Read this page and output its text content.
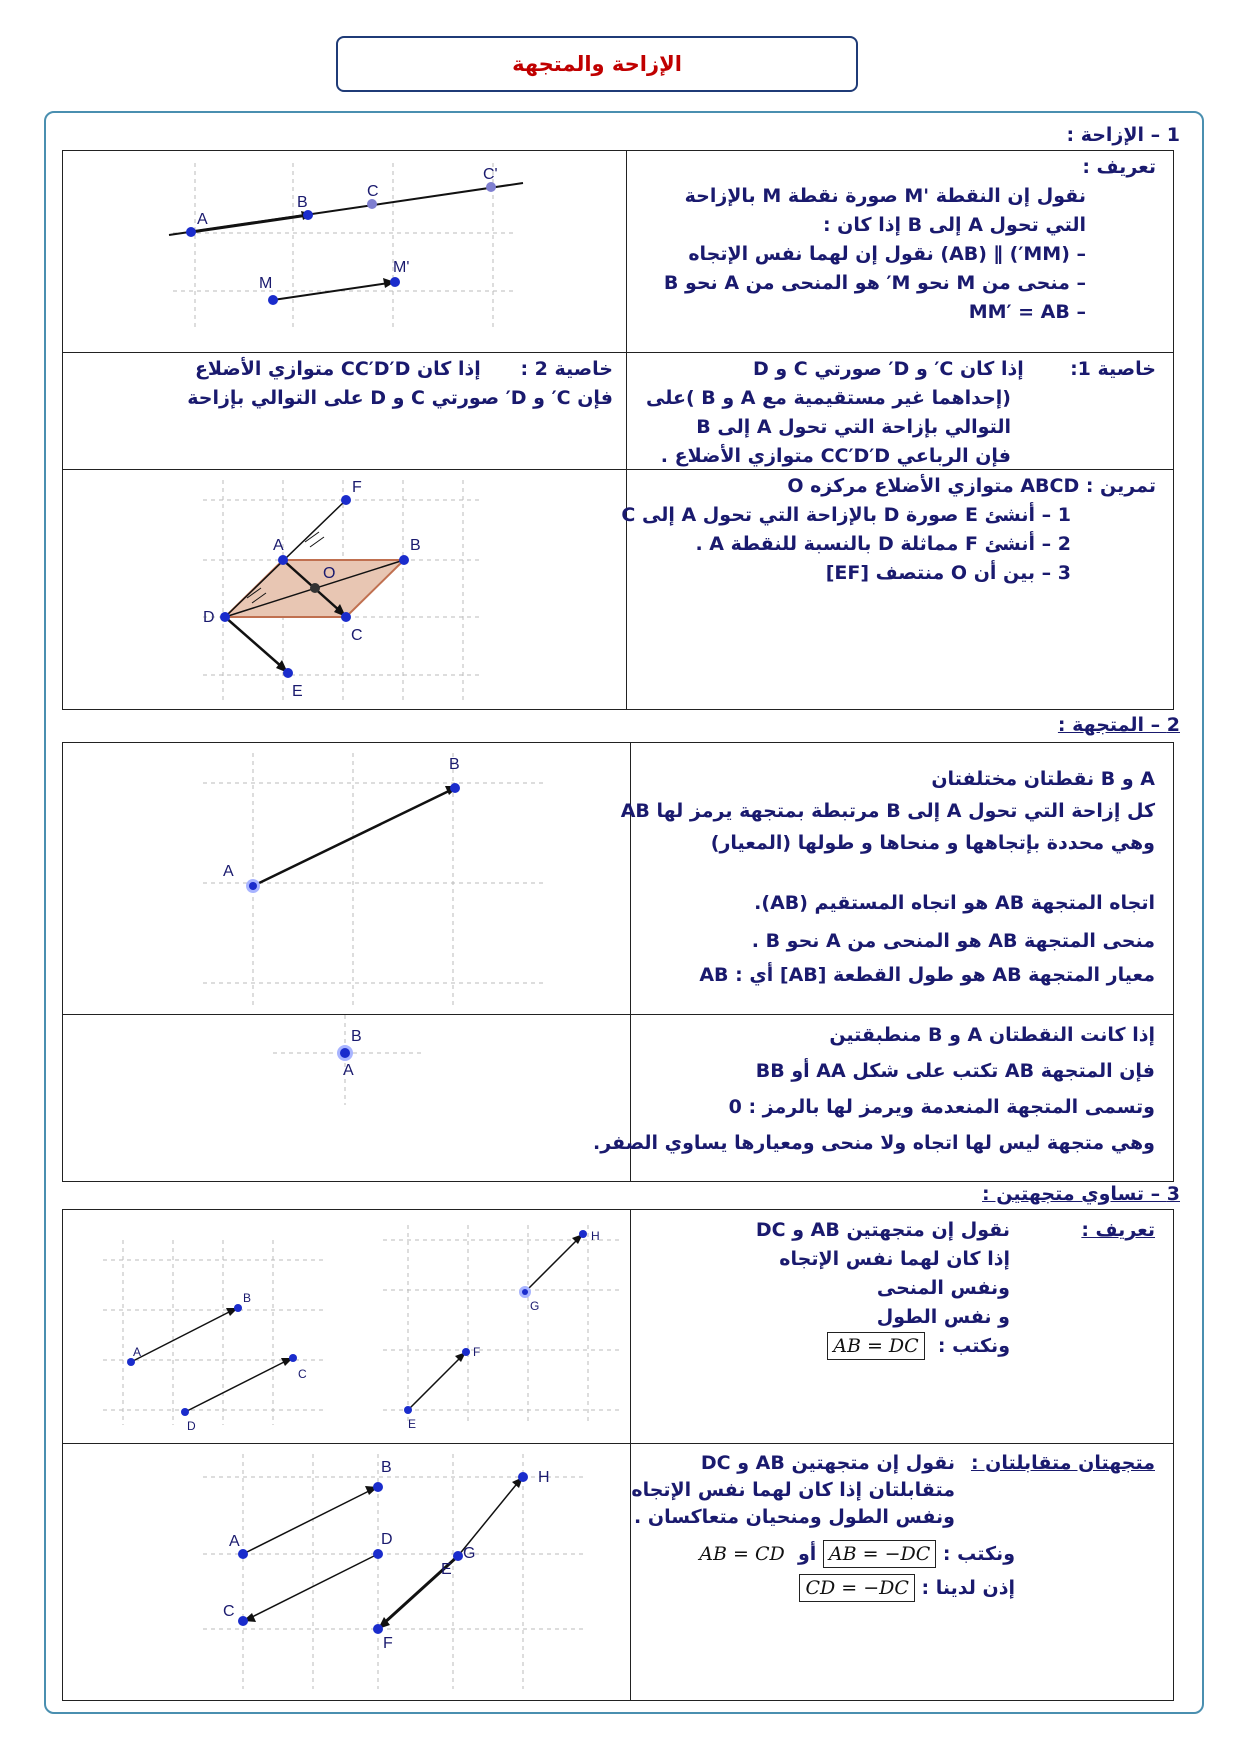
الإزاحة والمتجهة
1 – الإزاحة :
A
B
C
C'
M
M'
تعريف :
نقول إن النقطة 'M صورة نقطة M بالإزاحة
التي تحول A إلى B إذا كان :
– (MM′) ∥ (AB) نقول إن لهما نفس الإتجاه
– منحى من M نحو M′ هو المنحى من A نحو B
– MM′ = AB
خاصية 2 :      إذا كان CC′D′D متوازي الأضلاع
فإن C′ و D′ صورتي C و D على التوالي بإزاحة
خاصية 1:       إذا كان C′ و D′ صورتي C و D
(إحداهما غير مستقيمية مع A و B )على
التوالي بإزاحة التي تحول A إلى B
فإن الرباعي CC′D′D متوازي الأضلاع .
F
A	B
O
D
C
E
تمرين : ABCD متوازي الأضلاع مركزه O
1 – أنشئ E صورة D بالإزاحة التي تحول A إلى C
2 – أنشئ F مماثلة D بالنسبة للنقطة A .
3 – بين أن O منتصف [EF]
2 – المتجهة :
B
A
A و B نقطتان مختلفتان
كل إزاحة التي تحول A إلى B مرتبطة بمتجهة يرمز لها AB
وهي محددة بإتجاهها و منحاها و طولها (المعيار)
اتجاه المتجهة AB هو اتجاه المستقيم (AB).
منحى المتجهة AB هو المنحى من A نحو B .
معيار المتجهة AB هو طول القطعة [AB] أي : AB
B
A
إذا كانت النقطتان A و B منطبقتين
فإن المتجهة AB تكتب على شكل AA أو BB
وتسمى المتجهة المنعدمة ويرمز لها بالرمز : 0
وهي متجهة ليس لها اتجاه ولا منحى ومعيارها يساوي الصفر.
3 – تساوي متجهتين :
B
A
C
D
H
G
F
E
تعريف :
نقول إن متجهتين AB و DC
إذا كان لهما نفس الإتجاه
ونفس المنحى
و نفس الطول
ونكتب :  AB = DC
B
H
A	D
G
E
C
F
متجهتان متقابلتان :
نقول إن متجهتين AB و DC
متقابلتان إذا كان لهما نفس الإتجاه
ونفس الطول ومنحيان متعاكسان .
ونكتب : AB = −DC أو  AB = CD
إذن لدينا : CD = −DC
